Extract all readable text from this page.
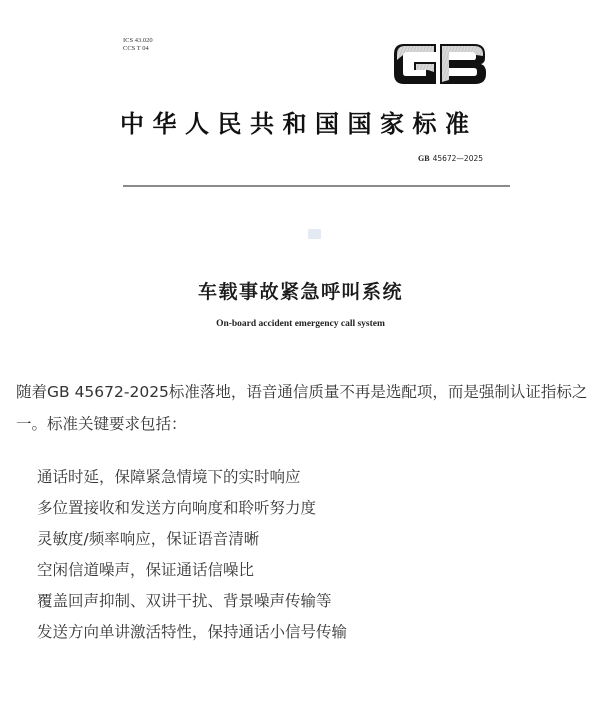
ICS 43.020
CCS T 04
中华人民共和国国家标准
GB 45672—2025
车载事故紧急呼叫系统
On-board accident emergency call system
随着GB 45672-2025标准落地，语音通信质量不再是选配项，而是强制认证指标之一。标准关键要求包括：
通话时延，保障紧急情境下的实时响应
多位置接收和发送方向响度和聆听努力度
灵敏度/频率响应，保证语音清晰
空闲信道噪声，保证通话信噪比
覆盖回声抑制、双讲干扰、背景噪声传输等
发送方向单讲激活特性，保持通话小信号传输
